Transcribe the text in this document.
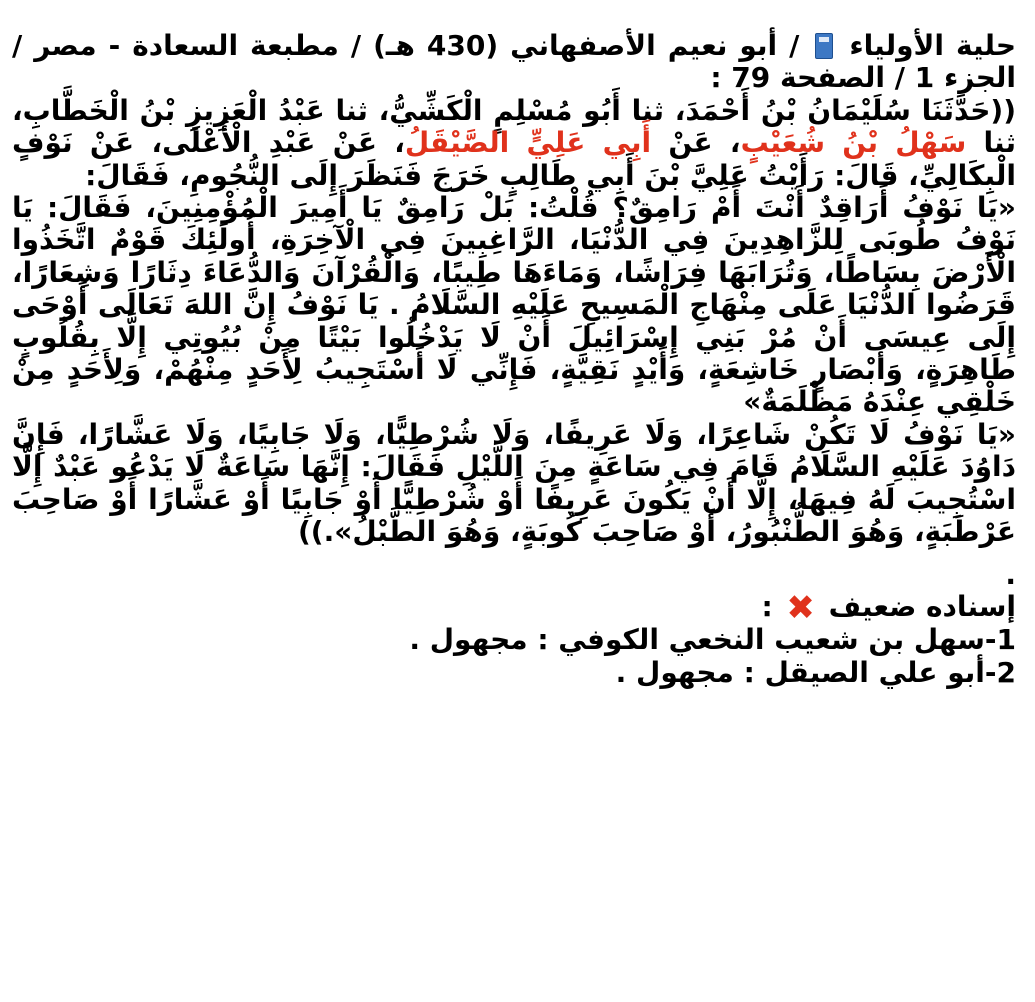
حلية الأولياء  / أبو نعيم الأصفهاني (430 هـ) / مطبعة السعادة - مصر / الجزء 1 / الصفحة 79 :

((حَدَّثَنَا سُلَيْمَانُ بْنُ أَحْمَدَ، ثنا أَبُو مُسْلِمٍ الْكَشِّيُّ، ثنا عَبْدُ الْعَزِيزِ بْنُ الْخَطَّابِ، ثنا سَهْلُ بْنُ شُعَيْبٍ، عَنْ أَبِي عَلِيٍّ الصَّيْقَلُ، عَنْ عَبْدِ الْأَعْلَى، عَنْ نَوْفٍ الْبِكَالِيِّ، قَالَ: رَأَيْتُ عَلِيَّ بْنَ أَبِي طَالِبٍ خَرَجَ فَنَظَرَ إِلَى النُّجُومِ، فَقَالَ:

«يَا نَوْفُ أَرَاقِدٌ أَنْتَ أَمْ رَامِقٌ؟ قُلْتُ: بَلْ رَامِقٌ يَا أَمِيرَ الْمُؤْمِنِينَ، فَقَالَ: يَا نَوْفُ طُوبَى لِلزَّاهِدِينَ فِي الدُّنْيَا، الرَّاغِبِينَ فِي الْآخِرَةِ، أُولَئِكَ قَوْمٌ اتَّخَذُوا الْأَرْضَ بِسَاطًا، وَتُرَابَهَا فِرَاشًا، وَمَاءَهَا طِيبًا، وَالْقُرْآنَ وَالدُّعَاءَ دِثَارًا وَشِعَارًا، قَرَضُوا الدُّنْيَا عَلَى مِنْهَاجِ الْمَسِيحِ عَلَيْهِ السَّلَامُ . يَا نَوْفُ إِنَّ اللهَ تَعَالَى أَوْحَى إِلَى عِيسَى أَنْ مُرْ بَنِي إِسْرَائِيلَ أَنْ لَا يَدْخُلُوا بَيْتًا مِنْ بُيُوتِي إِلَّا بِقُلُوبٍ طَاهِرَةٍ، وَأَبْصَارٍ خَاشِعَةٍ، وَأَيْدٍ نَقِيَّةٍ، فَإِنِّي لَا أَسْتَجِيبُ لِأَحَدٍ مِنْهُمْ، وَلِأَحَدٍ مِنْ خَلْقِي عِنْدَهُ مَظْلَمَةٌ»

«يَا نَوْفُ لَا تَكُنْ شَاعِرًا، وَلَا عَرِيفًا، وَلَا شُرْطِيًّا، وَلَا جَابِيًا، وَلَا عَشَّارًا، فَإِنَّ دَاوُدَ عَلَيْهِ السَّلَامُ قَامَ فِي سَاعَةٍ مِنَ اللَّيْلِ فَقَالَ: إِنَّهَا سَاعَةٌ لَا يَدْعُو عَبْدٌ إِلَّا اسْتُجِيبَ لَهُ فِيهَا، إِلَّا أَنْ يَكُونَ عَرِيفًا أَوْ شُرْطِيًّا أَوْ جَابِيًا أَوْ عَشَّارًا أَوْ صَاحِبَ عَرْطَبَةٍ، وَهُوَ الطُّنْبُورُ، أَوْ صَاحِبَ كُوبَةٍ، وَهُوَ الطَّبْلُ».))

.

إسناده ضعيف ✖ :

1-سهل بن شعيب النخعي الكوفي : مجهول .

2-أبو علي الصيقل : مجهول .
